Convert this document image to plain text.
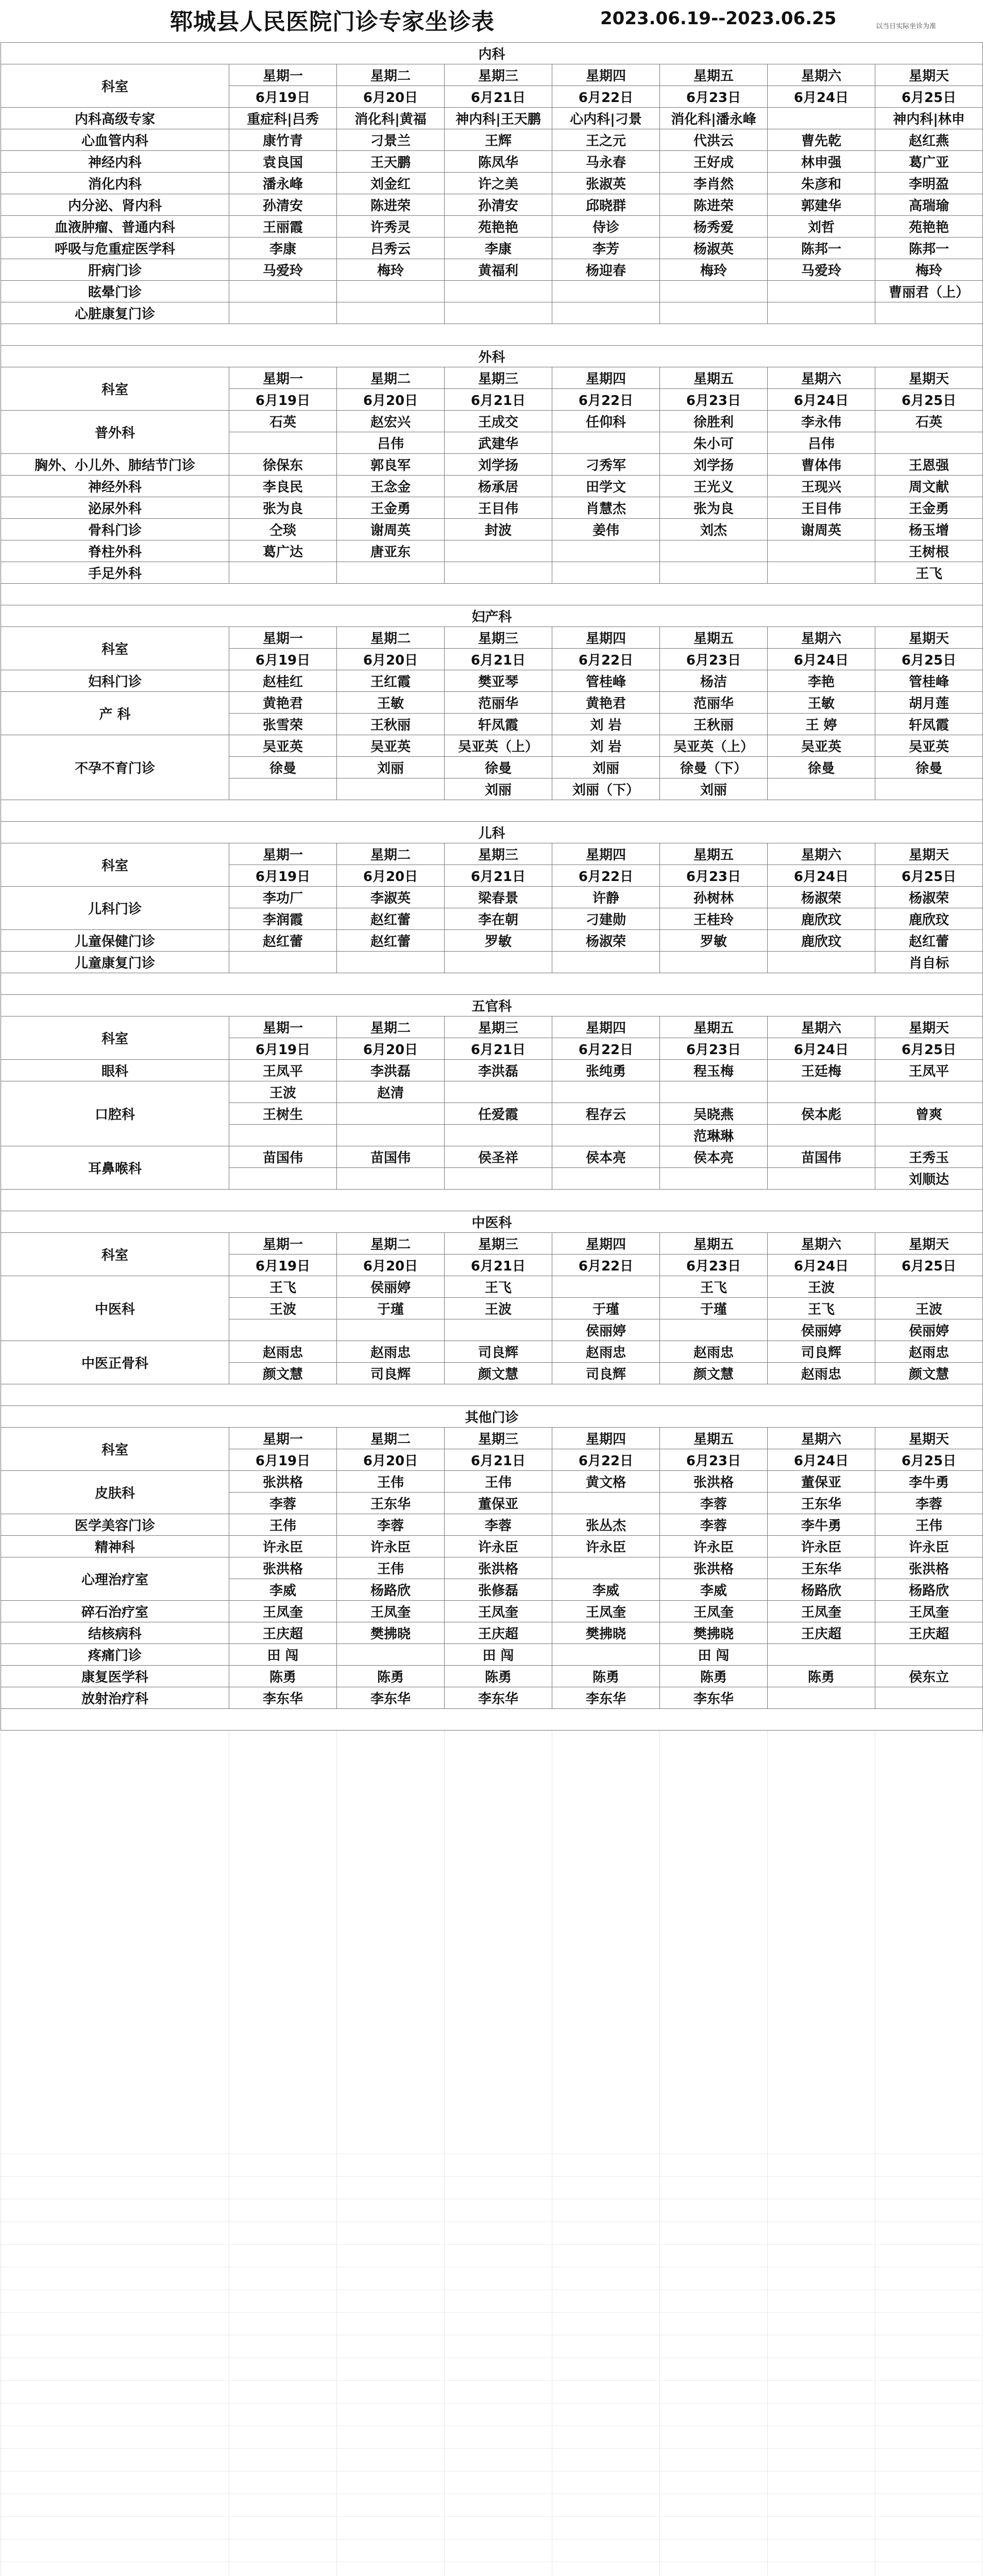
郓城县人民医院门诊专家坐诊表	2023.06.19--2023.06.25	以当日实际坐诊为准
内科							
科室	星期一	星期二	星期三	星期四	星期五	星期六	星期天
	6月19日	6月20日	6月21日	6月22日	6月23日	6月24日	6月25日
内科高级专家	重症科|吕秀	消化科|黄福	神内科|王天鹏	心内科|刁景	消化科|潘永峰		神内科|林申
心血管内科	康竹青	刁景兰	王辉	王之元	代洪云	曹先乾	赵红燕
神经内科	袁良国	王天鹏	陈凤华	马永春	王好成	林申强	葛广亚
消化内科	潘永峰	刘金红	许之美	张淑英	李肖然	朱彦和	李明盈
内分泌、肾内科	孙清安	陈进荣	孙清安	邱晓群	陈进荣	郭建华	高瑞瑜
血液肿瘤、普通内科	王丽霞	许秀灵	苑艳艳	侍诊	杨秀爱	刘哲	苑艳艳
呼吸与危重症医学科	李康	吕秀云	李康	李芳	杨淑英	陈邦一	陈邦一
肝病门诊	马爱玲	梅玲	黄福利	杨迎春	梅玲	马爱玲	梅玲
眩晕门诊							曹丽君（上）
心脏康复门诊							

外科							
科室	星期一	星期二	星期三	星期四	星期五	星期六	星期天
	6月19日	6月20日	6月21日	6月22日	6月23日	6月24日	6月25日
普外科	石英	赵宏兴	王成交	任仰科	徐胜利	李永伟	石英
		吕伟	武建华		朱小可	吕伟	
胸外、小儿外、肺结节门诊	徐保东	郭良军	刘学扬	刁秀军	刘学扬	曹体伟	王恩强
神经外科	李良民	王念金	杨承居	田学文	王光义	王现兴	周文献
泌尿外科	张为良	王金勇	王目伟	肖慧杰	张为良	王目伟	王金勇
骨科门诊	仝琰	谢周英	封波	姜伟	刘杰	谢周英	杨玉增
脊柱外科	葛广达	唐亚东					王树根
手足外科							王飞

妇产科							
科室	星期一	星期二	星期三	星期四	星期五	星期六	星期天
	6月19日	6月20日	6月21日	6月22日	6月23日	6月24日	6月25日
妇科门诊	赵桂红	王红霞	樊亚琴	管桂峰	杨洁	李艳	管桂峰
产 科	黄艳君	王敏	范丽华	黄艳君	范丽华	王敏	胡月莲
	张雪荣	王秋丽	轩凤霞	刘 岩	王秋丽	王 婷	轩凤霞
不孕不育门诊	吴亚英	吴亚英	吴亚英（上）	刘 岩	吴亚英（上）	吴亚英	吴亚英
	徐曼	刘丽	徐曼	刘丽	徐曼（下）	徐曼	徐曼
			刘丽	刘丽（下）	刘丽		

儿科							
科室	星期一	星期二	星期三	星期四	星期五	星期六	星期天
	6月19日	6月20日	6月21日	6月22日	6月23日	6月24日	6月25日
儿科门诊	李功厂	李淑英	梁春景	许静	孙树林	杨淑荣	杨淑荣
	李润霞	赵红蕾	李在朝	刁建勋	王桂玲	鹿欣玟	鹿欣玟
儿童保健门诊	赵红蕾	赵红蕾	罗敏	杨淑荣	罗敏	鹿欣玟	赵红蕾
儿童康复门诊							肖自标

五官科							
科室	星期一	星期二	星期三	星期四	星期五	星期六	星期天
	6月19日	6月20日	6月21日	6月22日	6月23日	6月24日	6月25日
眼科	王凤平	李洪磊	李洪磊	张纯勇	程玉梅	王廷梅	王凤平
口腔科	王波	赵清					
	王树生		任爱霞	程存云	吴晓燕	侯本彪	曾爽
					范琳琳		
耳鼻喉科	苗国伟	苗国伟	侯圣祥	侯本亮	侯本亮	苗国伟	王秀玉
							刘顺达

中医科							
科室	星期一	星期二	星期三	星期四	星期五	星期六	星期天
	6月19日	6月20日	6月21日	6月22日	6月23日	6月24日	6月25日
中医科	王飞	侯丽婷	王飞		王飞	王波	
	王波	于瑾	王波	于瑾	于瑾	王飞	王波
				侯丽婷		侯丽婷	侯丽婷
中医正骨科	赵雨忠	赵雨忠	司良辉	赵雨忠	赵雨忠	司良辉	赵雨忠
	颜文慧	司良辉	颜文慧	司良辉	颜文慧	赵雨忠	颜文慧

其他门诊							
科室	星期一	星期二	星期三	星期四	星期五	星期六	星期天
	6月19日	6月20日	6月21日	6月22日	6月23日	6月24日	6月25日
皮肤科	张洪格	王伟	王伟	黄文格	张洪格	董保亚	李牛勇
	李蓉	王东华	董保亚		李蓉	王东华	李蓉
医学美容门诊	王伟	李蓉	李蓉	张丛杰	李蓉	李牛勇	王伟
精神科	许永臣	许永臣	许永臣	许永臣	许永臣	许永臣	许永臣
心理治疗室	张洪格	王伟	张洪格		张洪格	王东华	张洪格
	李威	杨路欣	张修磊	李威	李威	杨路欣	杨路欣
碎石治疗室	王凤奎	王凤奎	王凤奎	王凤奎	王凤奎	王凤奎	王凤奎
结核病科	王庆超	樊拂晓	王庆超	樊拂晓	樊拂晓	王庆超	王庆超
疼痛门诊	田 闯		田 闯		田 闯		
康复医学科	陈勇	陈勇	陈勇	陈勇	陈勇	陈勇	侯东立
放射治疗科	李东华	李东华	李东华	李东华	李东华		
